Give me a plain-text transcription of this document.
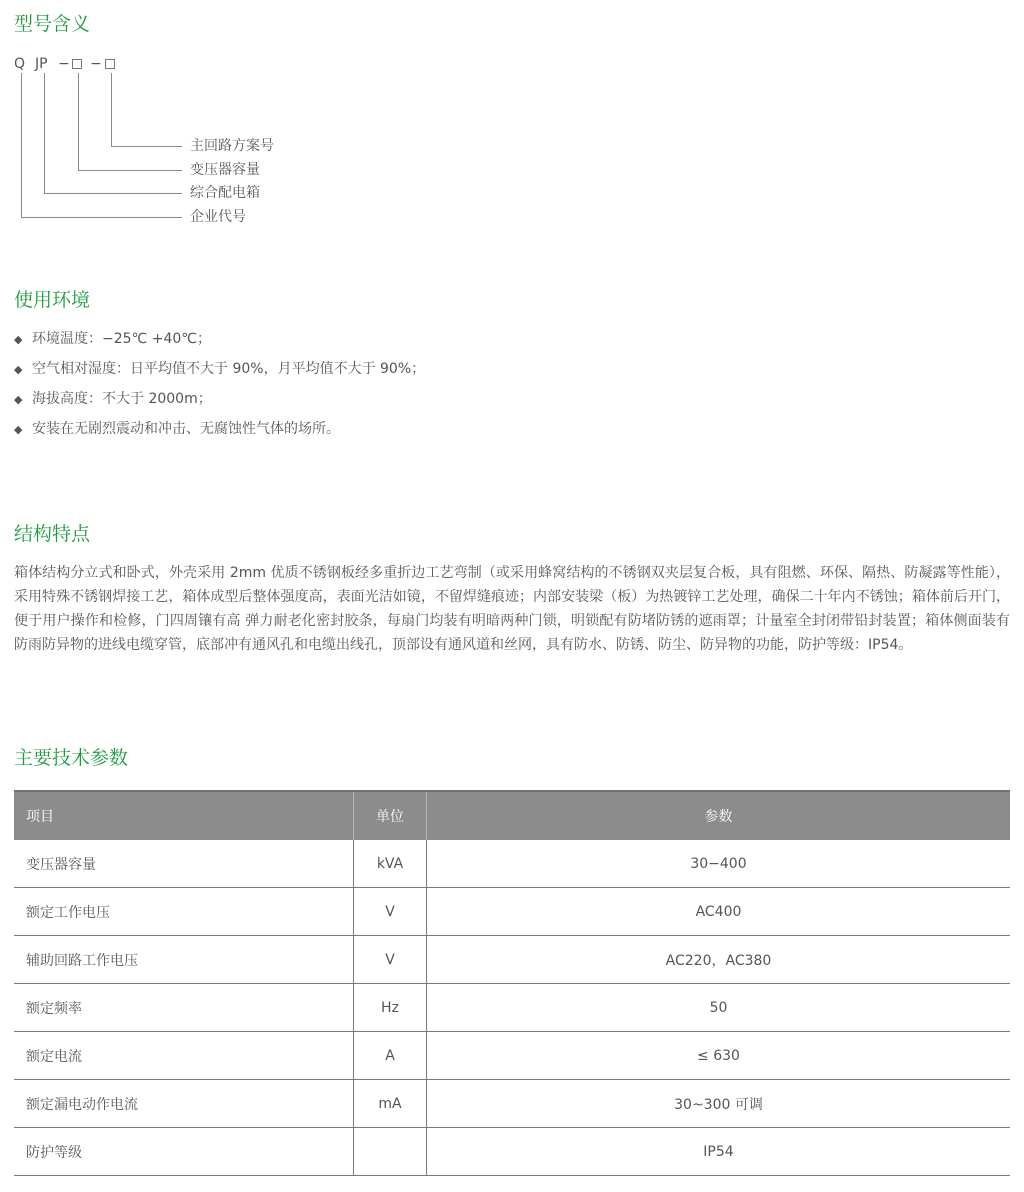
型号含义
Q JP − −
主回路方案号
变压器容量
综合配电箱
企业代号
使用环境
◆ 环境温度：−25℃ +40℃；
◆ 空气相对湿度：日平均值不大于 90%，月平均值不大于 90%；
◆ 海拔高度：不大于 2000m；
◆ 安装在无剧烈震动和冲击、无腐蚀性气体的场所。
结构特点

箱体结构分立式和卧式，外壳采用 2mm 优质不锈钢板经多重折边工艺弯制（或采用蜂窝结构的不锈钢双夹层复合板，具有阻燃、环保、隔热、防凝露等性能），采用特殊不锈钢焊接工艺，箱体成型后整体强度高，表面光洁如镜，不留焊缝痕迹；内部安装梁（板）为热镀锌工艺处理，确保二十年内不锈蚀；箱体前后开门，便于用户操作和检修，门四周镶有高 弹力耐老化密封胶条，每扇门均装有明暗两种门锁，明锁配有防堵防锈的遮雨罩；计量室全封闭带铅封装置；箱体侧面装有防雨防异物的进线电缆穿管，底部冲有通风孔和电缆出线孔，顶部设有通风道和丝网，具有防水、防锈、防尘、防异物的功能，防护等级：IP54。

主要技术参数
项目	单位	参数
变压器容量	kVA	30−400
额定工作电压	V	AC400
辅助回路工作电压	V	AC220，AC380
额定频率	Hz	50
额定电流	A	≤ 630
额定漏电动作电流	mA	30~300 可调
防护等级		IP54
